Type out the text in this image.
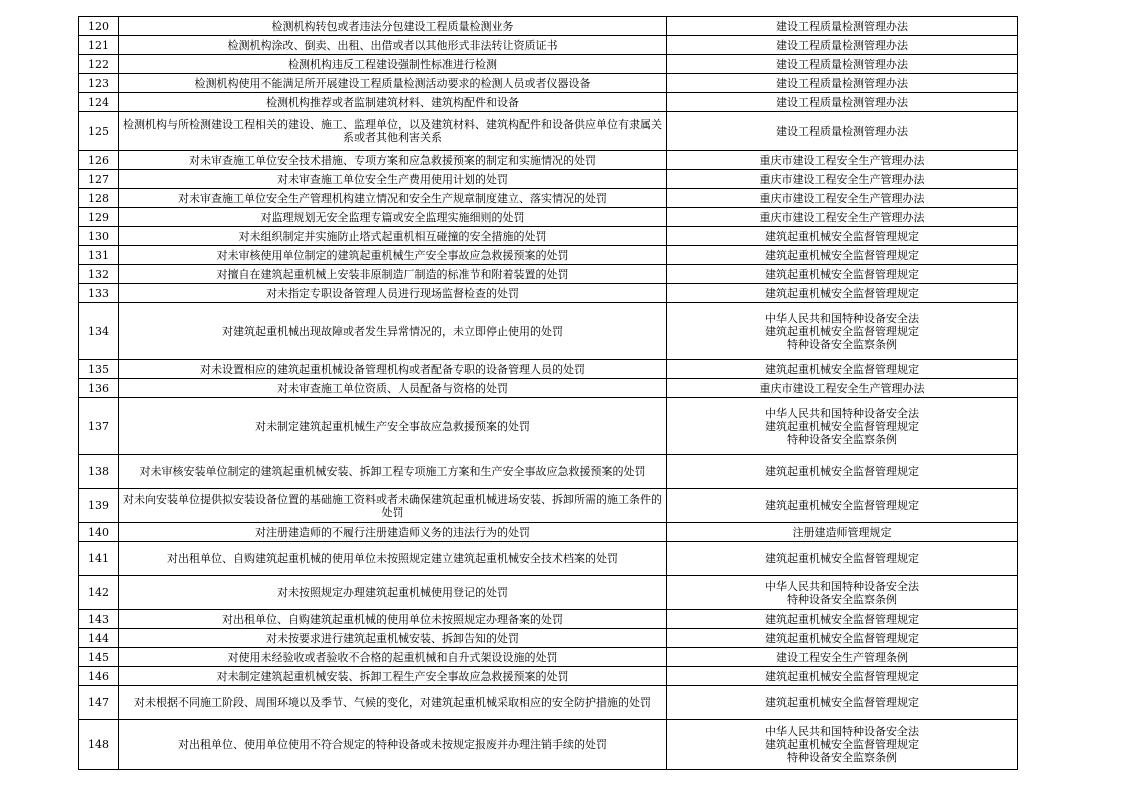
120	检测机构转包或者违法分包建设工程质量检测业务	建设工程质量检测管理办法

121	检测机构涂改、倒卖、出租、出借或者以其他形式非法转让资质证书	建设工程质量检测管理办法

122	检测机构违反工程建设强制性标准进行检测	建设工程质量检测管理办法

123	检测机构使用不能满足所开展建设工程质量检测活动要求的检测人员或者仪器设备	建设工程质量检测管理办法

124	检测机构推荐或者监制建筑材料、建筑构配件和设备	建设工程质量检测管理办法

125	检测机构与所检测建设工程相关的建设、施工、监理单位，以及建筑材料、建筑构配件和设备供应单位有隶属关系或者其他利害关系	建设工程质量检测管理办法

126	对未审查施工单位安全技术措施、专项方案和应急救援预案的制定和实施情况的处罚	重庆市建设工程安全生产管理办法

127	对未审查施工单位安全生产费用使用计划的处罚	重庆市建设工程安全生产管理办法

128	对未审查施工单位安全生产管理机构建立情况和安全生产规章制度建立、落实情况的处罚	重庆市建设工程安全生产管理办法

129	对监理规划无安全监理专篇或安全监理实施细则的处罚	重庆市建设工程安全生产管理办法

130	对未组织制定并实施防止塔式起重机相互碰撞的安全措施的处罚	建筑起重机械安全监督管理规定

131	对未审核使用单位制定的建筑起重机械生产安全事故应急救援预案的处罚	建筑起重机械安全监督管理规定

132	对擅自在建筑起重机械上安装非原制造厂制造的标准节和附着装置的处罚	建筑起重机械安全监督管理规定

133	对未指定专职设备管理人员进行现场监督检查的处罚	建筑起重机械安全监督管理规定

134	对建筑起重机械出现故障或者发生异常情况的，未立即停止使用的处罚	中华人民共和国特种设备安全法
建筑起重机械安全监督管理规定
特种设备安全监察条例

135	对未设置相应的建筑起重机械设备管理机构或者配备专职的设备管理人员的处罚	建筑起重机械安全监督管理规定

136	对未审查施工单位资质、人员配备与资格的处罚	重庆市建设工程安全生产管理办法

137	对未制定建筑起重机械生产安全事故应急救援预案的处罚	中华人民共和国特种设备安全法
建筑起重机械安全监督管理规定
特种设备安全监察条例

138	对未审核安装单位制定的建筑起重机械安装、拆卸工程专项施工方案和生产安全事故应急救援预案的处罚	建筑起重机械安全监督管理规定

139	对未向安装单位提供拟安装设备位置的基础施工资料或者未确保建筑起重机械进场安装、拆卸所需的施工条件的处罚	建筑起重机械安全监督管理规定

140	对注册建造师的不履行注册建造师义务的违法行为的处罚	注册建造师管理规定

141	对出租单位、自购建筑起重机械的使用单位未按照规定建立建筑起重机械安全技术档案的处罚	建筑起重机械安全监督管理规定

142	对未按照规定办理建筑起重机械使用登记的处罚	中华人民共和国特种设备安全法
特种设备安全监察条例

143	对出租单位、自购建筑起重机械的使用单位未按照规定办理备案的处罚	建筑起重机械安全监督管理规定

144	对未按要求进行建筑起重机械安装、拆卸告知的处罚	建筑起重机械安全监督管理规定

145	对使用未经验收或者验收不合格的起重机械和自升式架设设施的处罚	建设工程安全生产管理条例

146	对未制定建筑起重机械安装、拆卸工程生产安全事故应急救援预案的处罚	建筑起重机械安全监督管理规定

147	对未根据不同施工阶段、周围环境以及季节、气候的变化，对建筑起重机械采取相应的安全防护措施的处罚	建筑起重机械安全监督管理规定

148	对出租单位、使用单位使用不符合规定的特种设备或未按规定报废并办理注销手续的处罚	中华人民共和国特种设备安全法
建筑起重机械安全监督管理规定
特种设备安全监察条例
